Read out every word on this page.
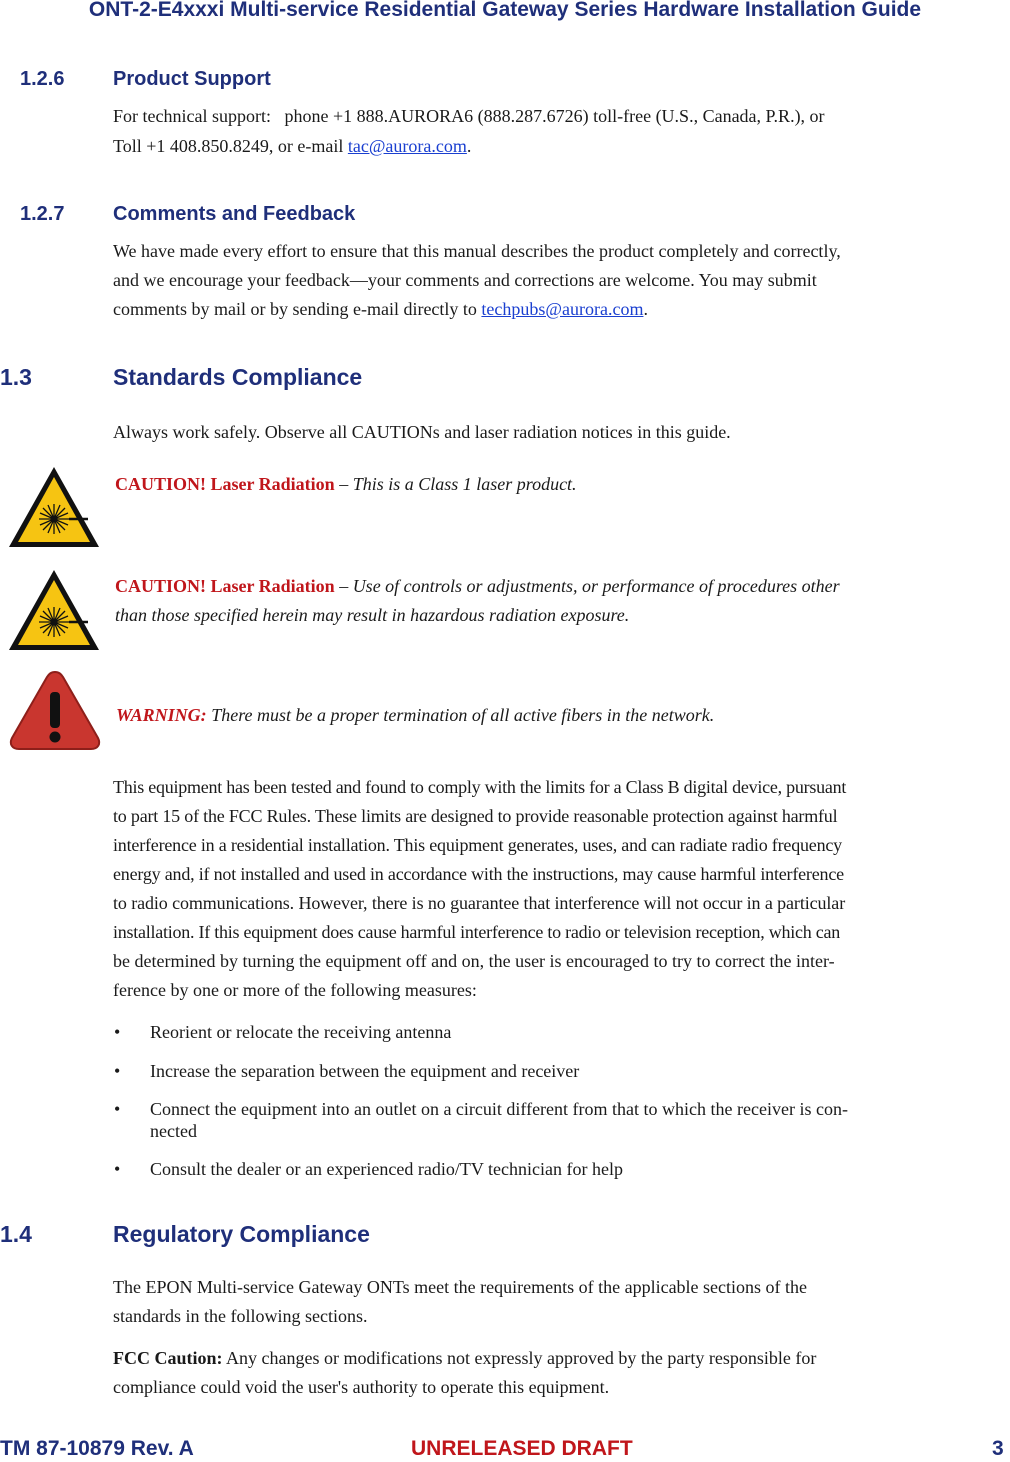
ONT-2-E4xxxi Multi-service Residential Gateway Series Hardware Installation Guide
1.2.6 Product Support
For technical support:   phone +1 888.AURORA6 (888.287.6726) toll-free (U.S., Canada, P.R.), or
Toll +1 408.850.8249, or e-mail tac@aurora.com.
1.2.7 Comments and Feedback
We have made every effort to ensure that this manual describes the product completely and correctly,
and we encourage your feedback—your comments and corrections are welcome. You may submit
comments by mail or by sending e-mail directly to techpubs@aurora.com.
1.3	Standards Compliance
Always work safely. Observe all CAUTIONs and laser radiation notices in this guide.
CAUTION! Laser Radiation – This is a Class 1 laser product.
CAUTION! Laser Radiation – Use of controls or adjustments, or performance of procedures other
than those specified herein may result in hazardous radiation exposure.
WARNING: There must be a proper termination of all active fibers in the network.
This equipment has been tested and found to comply with the limits for a Class B digital device, pursuant
to part 15 of the FCC Rules. These limits are designed to provide reasonable protection against harmful
interference in a residential installation. This equipment generates, uses, and can radiate radio frequency
energy and, if not installed and used in accordance with the instructions, may cause harmful interference
to radio communications. However, there is no guarantee that interference will not occur in a particular
installation. If this equipment does cause harmful interference to radio or television reception, which can
be determined by turning the equipment off and on, the user is encouraged to try to correct the inter-
ference by one or more of the following measures:
• Reorient or relocate the receiving antenna
• Increase the separation between the equipment and receiver
• Connect the equipment into an outlet on a circuit different from that to which the receiver is con-
nected
• Consult the dealer or an experienced radio/TV technician for help
1.4	Regulatory Compliance
The EPON Multi-service Gateway ONTs meet the requirements of the applicable sections of the
standards in the following sections.
FCC Caution: Any changes or modifications not expressly approved by the party responsible for
compliance could void the user's authority to operate this equipment.
TM 87-10879 Rev. A	UNRELEASED DRAFT	3
